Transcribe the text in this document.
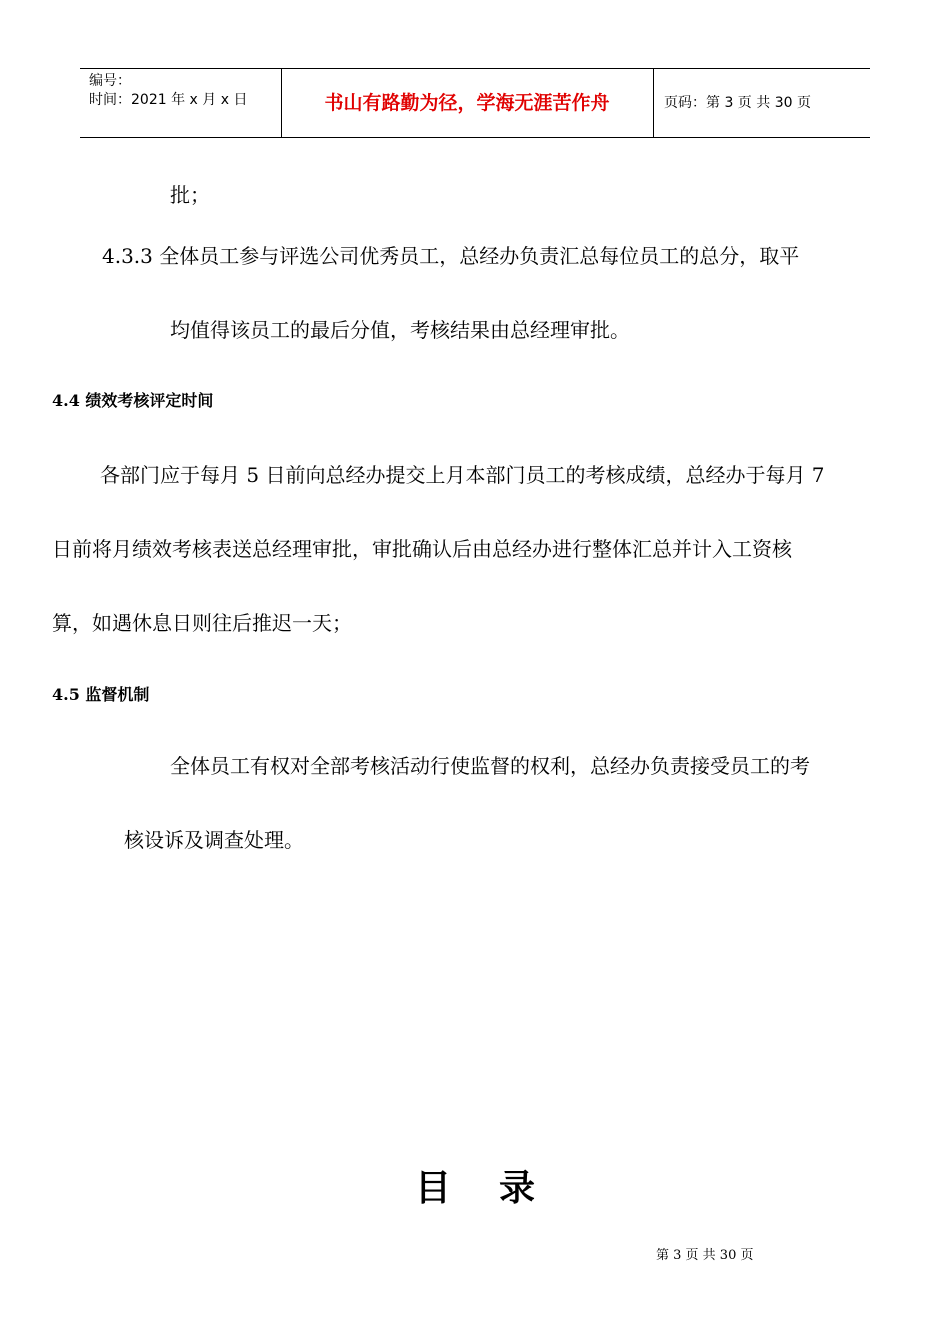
编号：
时间：2021 年 x 月 x 日	书山有路勤为径，学海无涯苦作舟	页码：第 3 页 共 30 页
批；
4.3.3 全体员工参与评选公司优秀员工，总经办负责汇总每位员工的总分，取平
均值得该员工的最后分值，考核结果由总经理审批。
4.4 绩效考核评定时间
各部门应于每月 5 日前向总经办提交上月本部门员工的考核成绩，总经办于每月 7
日前将月绩效考核表送总经理审批，审批确认后由总经办进行整体汇总并计入工资核
算，如遇休息日则往后推迟一天；
4.5 监督机制
全体员工有权对全部考核活动行使监督的权利，总经办负责接受员工的考
核设诉及调查处理。
目录
第 3 页 共 30 页
